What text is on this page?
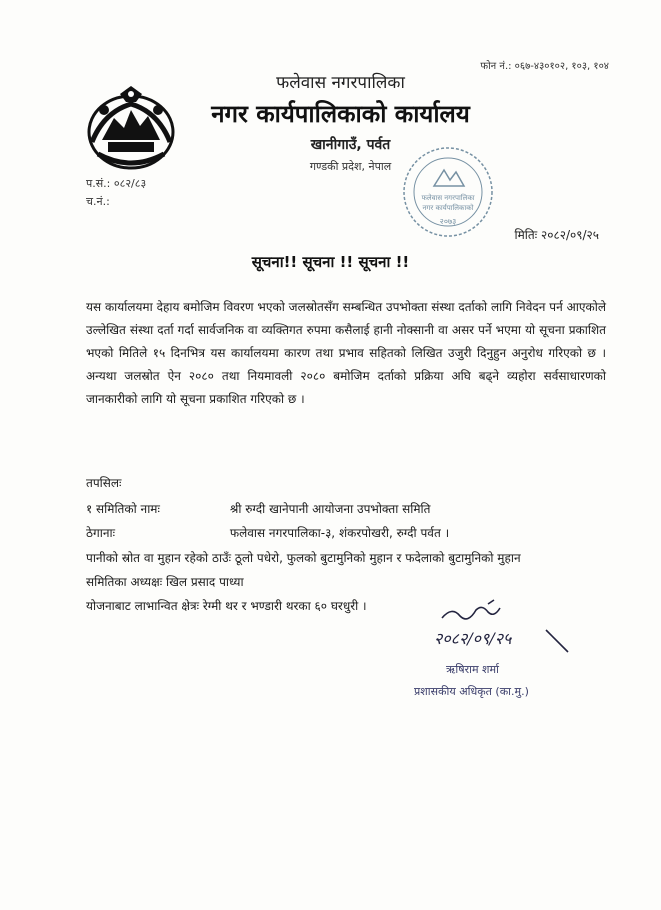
फोन नं.: ०६७-४३०१०२, १०३, १०४
फलेवास नगरपालिका
नगर कार्यपालिकाको कार्यालय
खानीगाउँ, पर्वत
गण्डकी प्रदेश, नेपाल
प.सं.: ०८२/८३
च.नं.:	फलेवास नगरपालिका
नगर कार्यपालिकाको
२०७३
मितिः २०८२/०९/२५
सूचना!! सूचना !! सूचना !!
यस कार्यालयमा देहाय बमोजिम विवरण भएको जलस्रोतसँग सम्बन्धित उपभोक्ता संस्था दर्ताको लागि निवेदन पर्न आएकोले उल्लेखित संस्था दर्ता गर्दा सार्वजनिक वा व्यक्तिगत रुपमा कसैलाई हानी नोक्सानी वा असर पर्ने भएमा यो सूचना प्रकाशित भएको मितिले १५ दिनभित्र यस कार्यालयमा कारण तथा प्रभाव सहितको लिखित उजुरी दिनुहुन अनुरोध गरिएको छ । अन्यथा जलस्रोत ऐन २०८० तथा नियमावली २०८० बमोजिम दर्ताको प्रक्रिया अघि बढ्ने व्यहोरा सर्वसाधारणको जानकारीको लागि यो सूचना प्रकाशित गरिएको छ ।
तपसिलः
१ समितिको नामः	श्री रुग्दी खानेपानी आयोजना उपभोक्ता समिति
ठेगानाः	फलेवास नगरपालिका-३, शंकरपोखरी, रुग्दी पर्वत ।
पानीको स्रोत वा मुहान रहेको ठाउँः ठूलो पधेरो, फुलको बुटामुनिको मुहान र फदेलाको बुटामुनिको मुहान
समितिका अध्यक्षः खिल प्रसाद पाध्या
योजनाबाट लाभान्वित क्षेत्रः रेग्मी थर र भण्डारी थरका ६० घरधुरी ।
२०८२/०९/२५
ऋषिराम शर्मा
प्रशासकीय अधिकृत (का.मु.)
